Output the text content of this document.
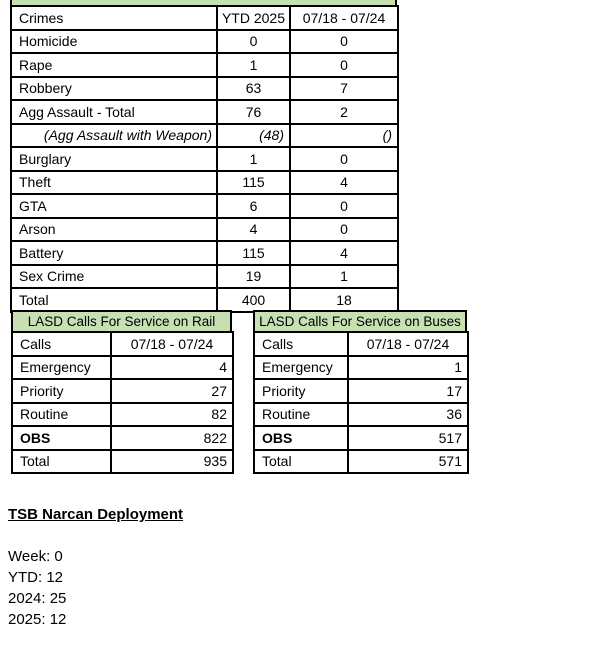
Crimes	YTD 2025	07/18 - 07/24
Homicide	0	0
Rape	1	0
Robbery	63	7
Agg Assault - Total	76	2
(Agg Assault with Weapon)	(48)	()
Burglary	1	0
Theft	115	4
GTA	6	0
Arson	4	0
Battery	115	4
Sex Crime	19	1
Total	400	18
LASD Calls For Service on Rail
Calls	07/18 - 07/24
Emergency	4
Priority	27
Routine	82
OBS	822
Total	935
LASD Calls For Service on Buses
Calls	07/18 - 07/24
Emergency	1
Priority	17
Routine	36
OBS	517
Total	571
TSB Narcan Deployment
Week: 0
YTD: 12
2024: 25
2025: 12
